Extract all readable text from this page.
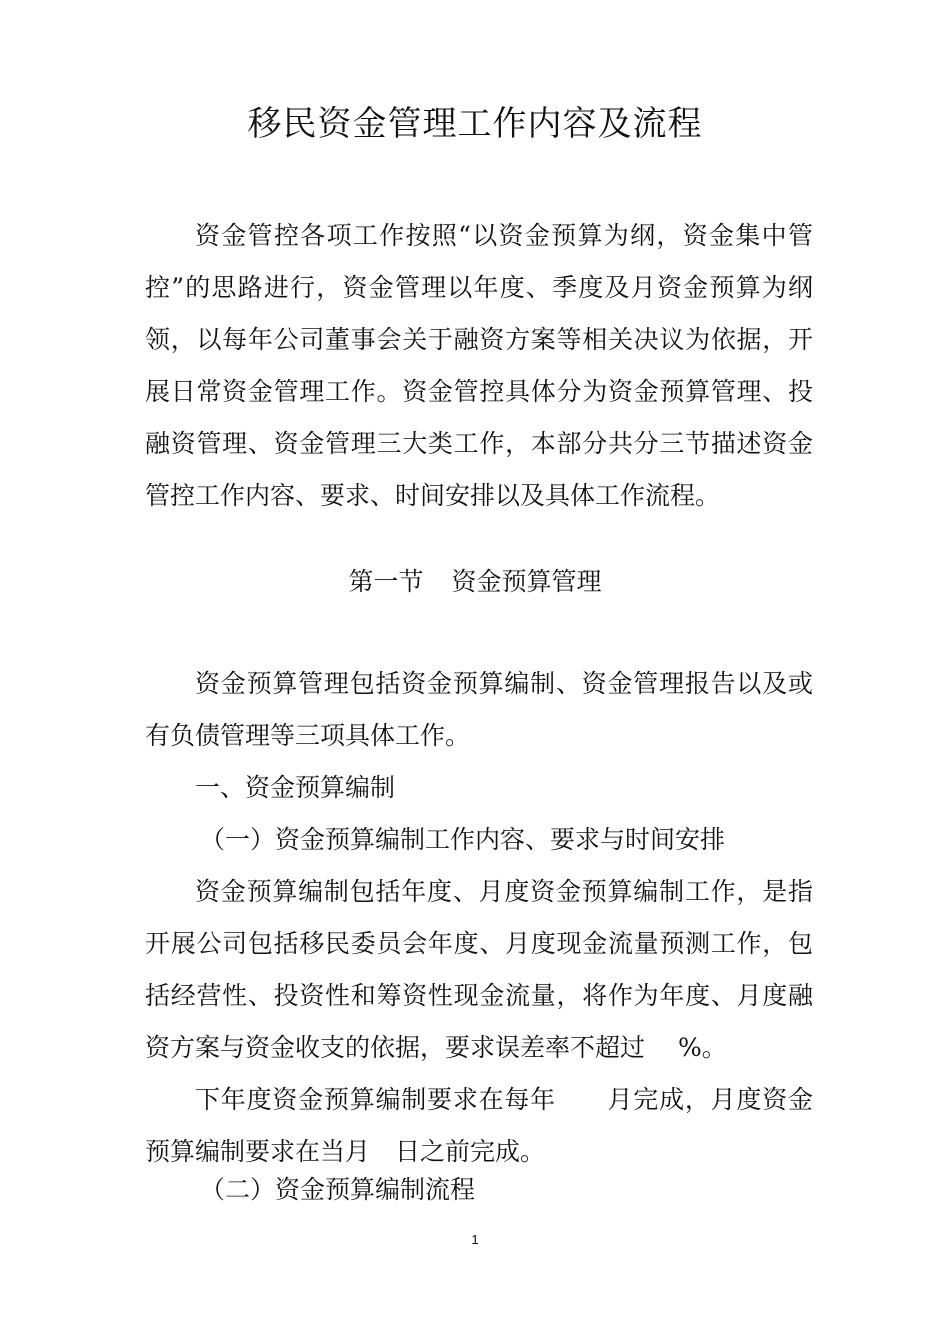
移民资金管理工作内容及流程

资金管控各项工作按照“以资金预算为纲，资金集中管控”的思路进行，资金管理以年度、季度及月资金预算为纲领，以每年公司董事会关于融资方案等相关决议为依据，开展日常资金管理工作。资金管控具体分为资金预算管理、投融资管理、资金管理三大类工作，本部分共分三节描述资金管控工作内容、要求、时间安排以及具体工作流程。

第一节 资金预算管理

资金预算管理包括资金预算编制、资金管理报告以及或有负债管理等三项具体工作。

一、资金预算编制

（一）资金预算编制工作内容、要求与时间安排

资金预算编制包括年度、月度资金预算编制工作，是指开展公司包括移民委员会年度、月度现金流量预测工作，包括经营性、投资性和筹资性现金流量，将作为年度、月度融资方案与资金收支的依据，要求误差率不超过　 %。

下年度资金预算编制要求在每年　　月完成，月度资金预算编制要求在当月　日之前完成。

（二）资金预算编制流程

1
